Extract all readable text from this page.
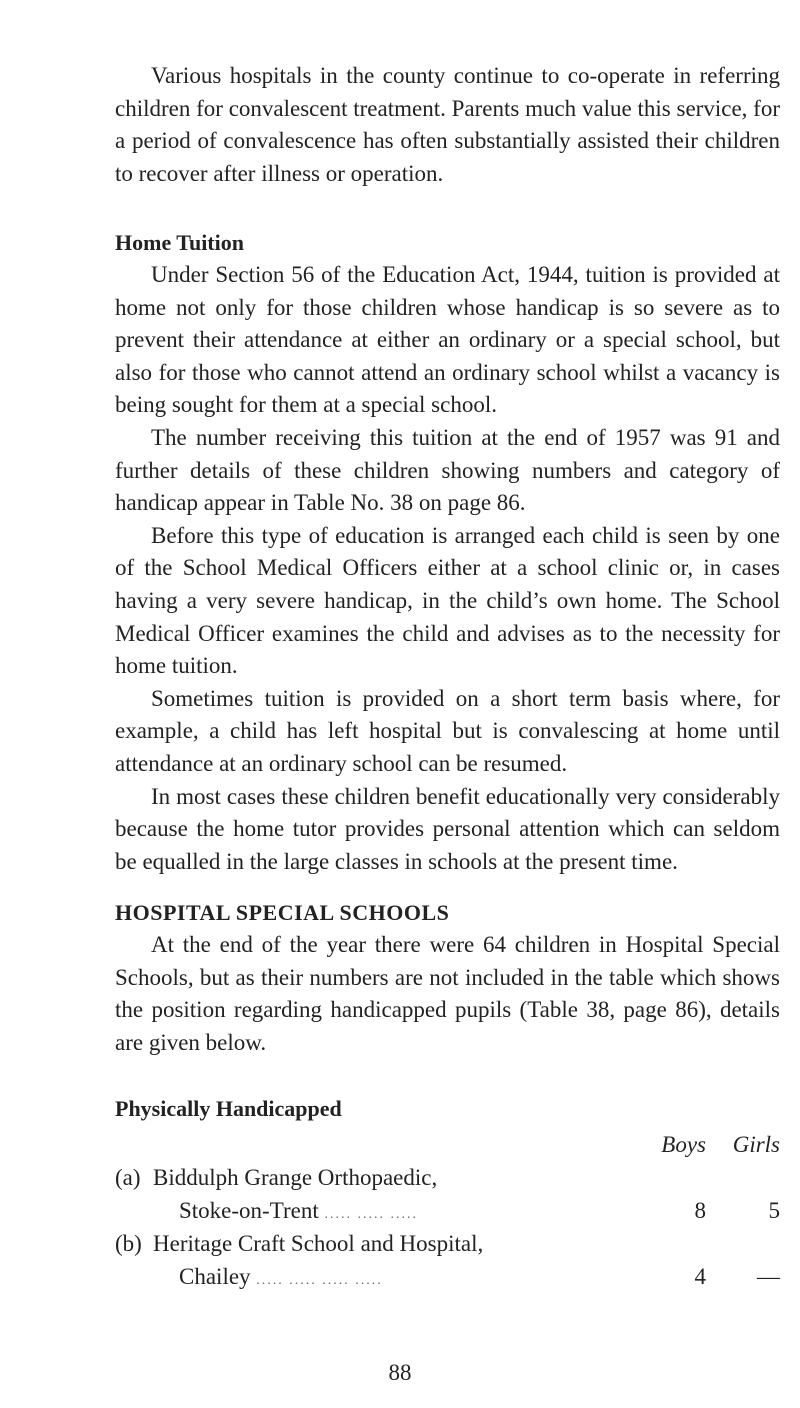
Various hospitals in the county continue to co-operate in referring children for convalescent treatment. Parents much value this service, for a period of convalescence has often substantially assisted their children to recover after illness or operation.

Home Tuition

Under Section 56 of the Education Act, 1944, tuition is provided at home not only for those children whose handicap is so severe as to prevent their attendance at either an ordinary or a special school, but also for those who cannot attend an ordinary school whilst a vacancy is being sought for them at a special school.

The number receiving this tuition at the end of 1957 was 91 and further details of these children showing numbers and category of handicap appear in Table No. 38 on page 86.

Before this type of education is arranged each child is seen by one of the School Medical Officers either at a school clinic or, in cases having a very severe handicap, in the child’s own home. The School Medical Officer examines the child and advises as to the necessity for home tuition.

Sometimes tuition is provided on a short term basis where, for example, a child has left hospital but is convalescing at home until attendance at an ordinary school can be resumed.

In most cases these children benefit educationally very considerably because the home tutor provides personal attention which can seldom be equalled in the large classes in schools at the present time.

HOSPITAL SPECIAL SCHOOLS

At the end of the year there were 64 children in Hospital Special Schools, but as their numbers are not included in the table which shows the position regarding handicapped pupils (Table 38, page 86), details are given below.

Physically Handicapped
		Boys	Girls
(a)	Biddulph Grange Orthopaedic,		
	Stoke-on-Trent ..... ..... .....	8	5
(b)	Heritage Craft School and Hospital,		
	Chailey ..... ..... ..... .....	4	—
88
